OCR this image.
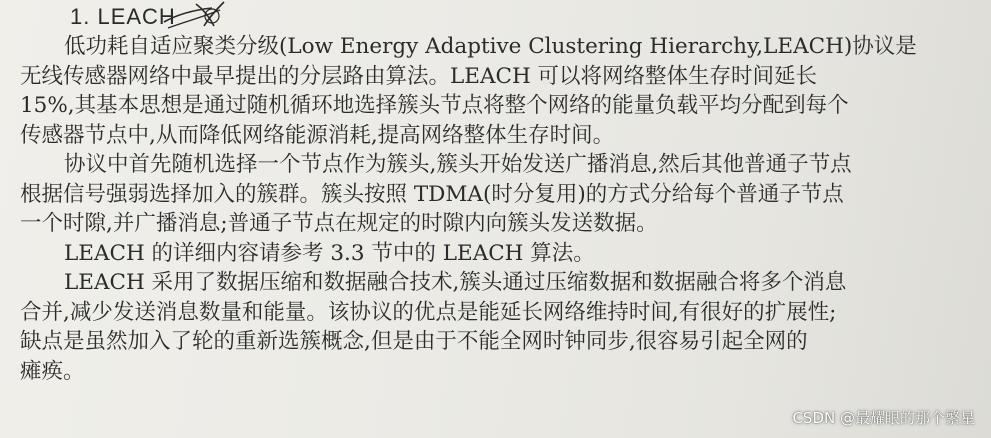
1. LEACH
低功耗自适应聚类分级(Low Energy Adaptive Clustering Hierarchy,LEACH)协议是
无线传感器网络中最早提出的分层路由算法。LEACH 可以将网络整体生存时间延长
15%,其基本思想是通过随机循环地选择簇头节点将整个网络的能量负载平均分配到每个
传感器节点中,从而降低网络能源消耗,提高网络整体生存时间。
协议中首先随机选择一个节点作为簇头,簇头开始发送广播消息,然后其他普通子节点
根据信号强弱选择加入的簇群。簇头按照 TDMA(时分复用)的方式分给每个普通子节点
一个时隙,并广播消息;普通子节点在规定的时隙内向簇头发送数据。
LEACH 的详细内容请参考 3.3 节中的 LEACH 算法。
LEACH 采用了数据压缩和数据融合技术,簇头通过压缩数据和数据融合将多个消息
合并,减少发送消息数量和能量。该协议的优点是能延长网络维持时间,有很好的扩展性;
缺点是虽然加入了轮的重新选簇概念,但是由于不能全网时钟同步,很容易引起全网的
瘫痪。
CSDN @最耀眼的那个繁星
